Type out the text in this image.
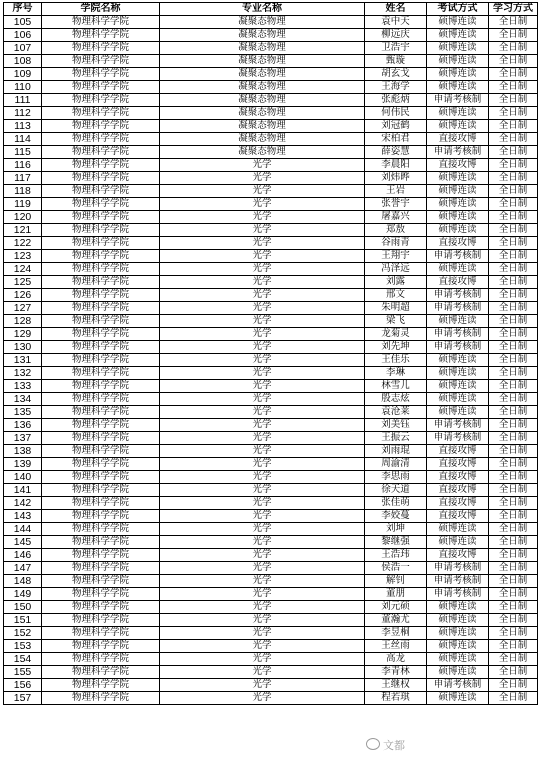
序号	学院名称	专业名称	姓名	考试方式	学习方式
105	物理科学学院	凝聚态物理	袁中天	硕博连读	全日制
106	物理科学学院	凝聚态物理	柳远庆	硕博连读	全日制
107	物理科学学院	凝聚态物理	卫浩宇	硕博连读	全日制
108	物理科学学院	凝聚态物理	甄璇	硕博连读	全日制
109	物理科学学院	凝聚态物理	胡玄戈	硕博连读	全日制
110	物理科学学院	凝聚态物理	王海学	硕博连读	全日制
111	物理科学学院	凝聚态物理	张彪炳	申请考核制	全日制
112	物理科学学院	凝聚态物理	何伟民	硕博连读	全日制
113	物理科学学院	凝聚态物理	刘冠鹤	硕博连读	全日制
114	物理科学学院	凝聚态物理	宋柏君	直接攻博	全日制
115	物理科学学院	凝聚态物理	薛姿慧	申请考核制	全日制
116	物理科学学院	光学	李晨阳	直接攻博	全日制
117	物理科学学院	光学	刘炜晔	硕博连读	全日制
118	物理科学学院	光学	王岩	硕博连读	全日制
119	物理科学学院	光学	张誉宇	硕博连读	全日制
120	物理科学学院	光学	屠嘉兴	硕博连读	全日制
121	物理科学学院	光学	郑敖	硕博连读	全日制
122	物理科学学院	光学	谷雨青	直接攻博	全日制
123	物理科学学院	光学	王翔宇	申请考核制	全日制
124	物理科学学院	光学	冯泽远	硕博连读	全日制
125	物理科学学院	光学	刘露	直接攻博	全日制
126	物理科学学院	光学	邢文	申请考核制	全日制
127	物理科学学院	光学	朱明超	申请考核制	全日制
128	物理科学学院	光学	梁飞	硕博连读	全日制
129	物理科学学院	光学	龙菊灵	申请考核制	全日制
130	物理科学学院	光学	刘先坤	申请考核制	全日制
131	物理科学学院	光学	王佳乐	硕博连读	全日制
132	物理科学学院	光学	李琳	硕博连读	全日制
133	物理科学学院	光学	林雪儿	硕博连读	全日制
134	物理科学学院	光学	殷志炫	硕博连读	全日制
135	物理科学学院	光学	袁沧莱	硕博连读	全日制
136	物理科学学院	光学	刘美钰	申请考核制	全日制
137	物理科学学院	光学	王振云	申请考核制	全日制
138	物理科学学院	光学	刘雨琨	直接攻博	全日制
139	物理科学学院	光学	周渝清	直接攻博	全日制
140	物理科学学院	光学	李思雨	直接攻博	全日制
141	物理科学学院	光学	徐天道	直接攻博	全日制
142	物理科学学院	光学	张佳萌	直接攻博	全日制
143	物理科学学院	光学	李姣蔓	直接攻博	全日制
144	物理科学学院	光学	刘坤	硕博连读	全日制
145	物理科学学院	光学	黎继强	硕博连读	全日制
146	物理科学学院	光学	王浩玮	直接攻博	全日制
147	物理科学学院	光学	侯浩一	申请考核制	全日制
148	物理科学学院	光学	解钊	申请考核制	全日制
149	物理科学学院	光学	董朋	申请考核制	全日制
150	物理科学学院	光学	刘元硕	硕博连读	全日制
151	物理科学学院	光学	董瀚尤	硕博连读	全日制
152	物理科学学院	光学	李昱桐	硕博连读	全日制
153	物理科学学院	光学	王丝雨	硕博连读	全日制
154	物理科学学院	光学	高龙	硕博连读	全日制
155	物理科学学院	光学	李青林	硕博连读	全日制
156	物理科学学院	光学	王继权	申请考核制	全日制
157	物理科学学院	光学	程若琪	硕博连读	全日制
文都
